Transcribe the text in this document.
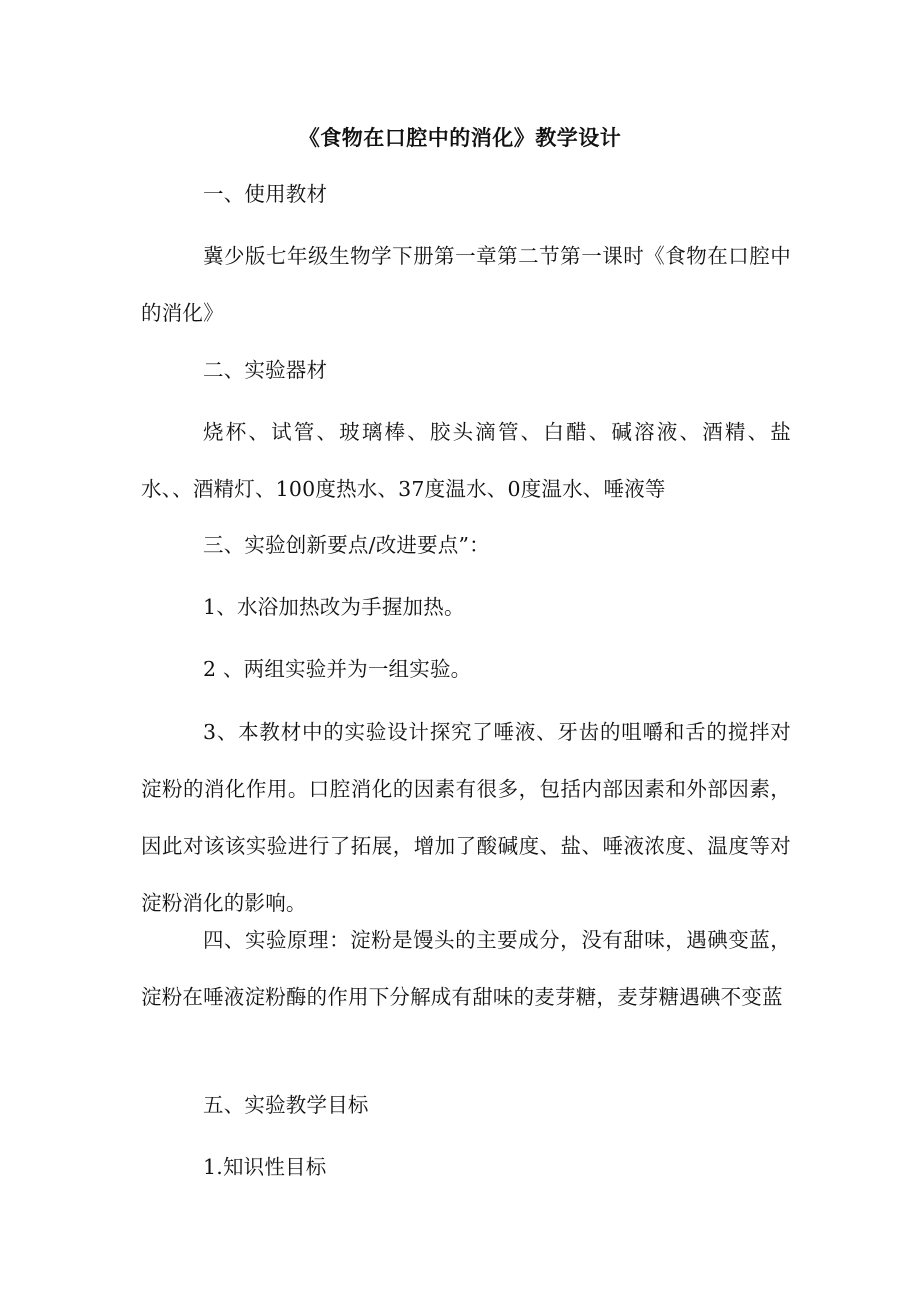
《食物在口腔中的消化》教学设计

一、使用教材

冀少版七年级生物学下册第一章第二节第一课时《食物在口腔中的消化》

二、实验器材

烧杯、试管、玻璃棒、胶头滴管、白醋、碱溶液、酒精、盐水、、酒精灯、100度热水、37度温水、0度温水、唾液等

三、实验创新要点/改进要点”：

1、水浴加热改为手握加热。

2 、两组实验并为一组实验。

3、本教材中的实验设计探究了唾液、牙齿的咀嚼和舌的搅拌对淀粉的消化作用。口腔消化的因素有很多，包括内部因素和外部因素，因此对该该实验进行了拓展，增加了酸碱度、盐、唾液浓度、温度等对淀粉消化的影响。

四、实验原理：淀粉是馒头的主要成分，没有甜味，遇碘变蓝，淀粉在唾液淀粉酶的作用下分解成有甜味的麦芽糖，麦芽糖遇碘不变蓝

五、实验教学目标

1.知识性目标
